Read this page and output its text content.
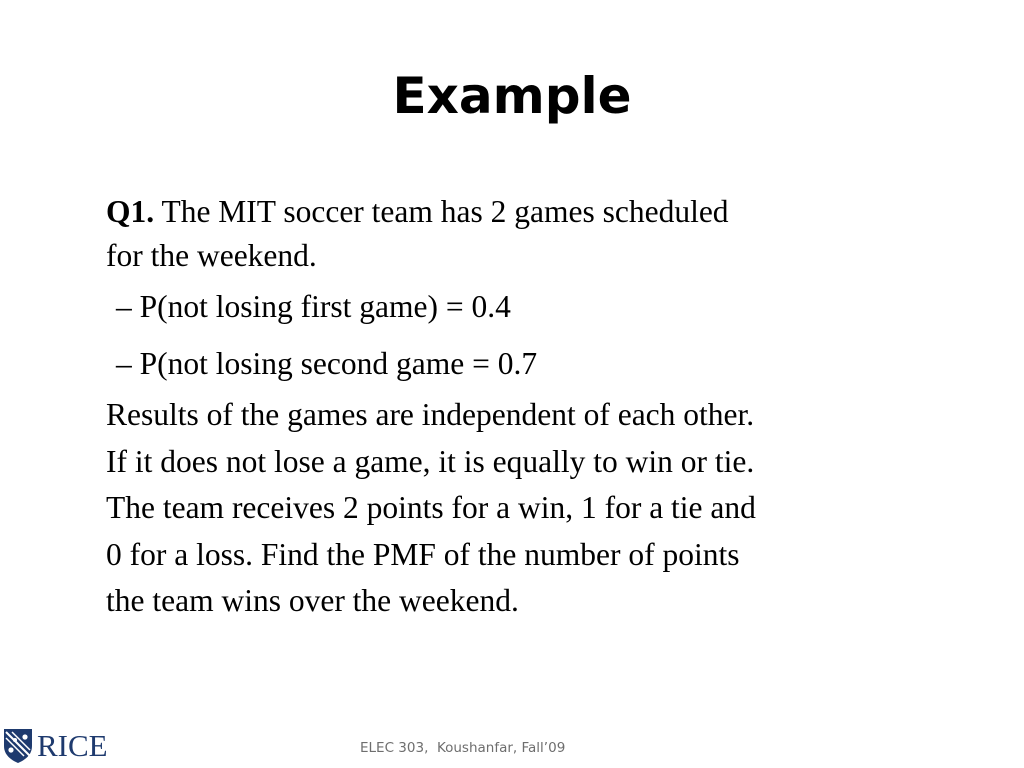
Example

Q1. The MIT soccer team has 2 games scheduled

for the weekend.

– P(not losing first game) = 0.4

– P(not losing second game = 0.7

Results of the games are independent of each other.

If it does not lose a game, it is equally to win or tie.

The team receives 2 points for a win, 1 for a tie and

0 for a loss. Find the PMF of the number of points

the team wins over the weekend.

RICE	ELEC 303,  Koushanfar, Fall’09
